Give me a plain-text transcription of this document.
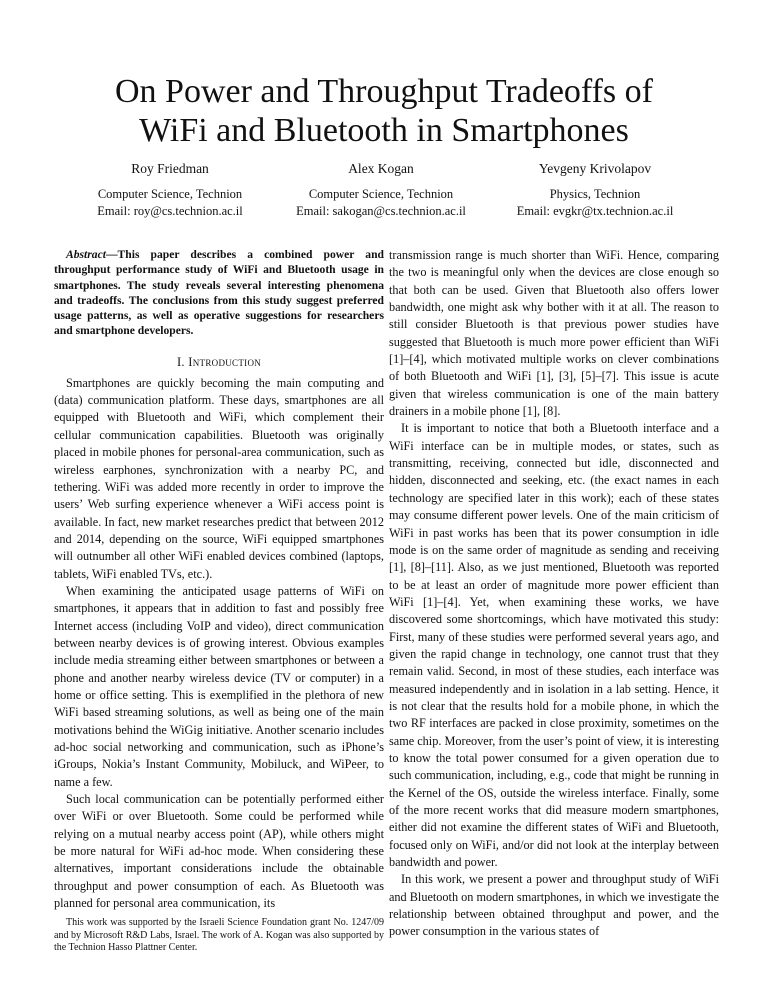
On Power and Throughput Tradeoffs of
WiFi and Bluetooth in Smartphones
Roy Friedman
Computer Science, Technion
Email: roy@cs.technion.ac.il
Alex Kogan
Computer Science, Technion
Email: sakogan@cs.technion.ac.il
Yevgeny Krivolapov
Physics, Technion
Email: evgkr@tx.technion.ac.il

Abstract—This paper describes a combined power and throughput performance study of WiFi and Bluetooth usage in smartphones. The study reveals several interesting phenomena and tradeoffs. The conclusions from this study suggest preferred usage patterns, as well as operative suggestions for researchers and smartphone developers.

I. Introduction

Smartphones are quickly becoming the main computing and (data) communication platform. These days, smartphones are all equipped with Bluetooth and WiFi, which complement their cellular communication capabilities. Bluetooth was originally placed in mobile phones for personal-area communication, such as wireless earphones, synchronization with a nearby PC, and tethering. WiFi was added more recently in order to improve the users’ Web surfing experience whenever a WiFi access point is available. In fact, new market researches predict that between 2012 and 2014, depending on the source, WiFi equipped smartphones will outnumber all other WiFi enabled devices combined (laptops, tablets, WiFi enabled TVs, etc.).

When examining the anticipated usage patterns of WiFi on smartphones, it appears that in addition to fast and possibly free Internet access (including VoIP and video), direct communication between nearby devices is of growing interest. Obvious examples include media streaming either between smartphones or between a phone and another nearby wireless device (TV or computer) in a home or office setting. This is exemplified in the plethora of new WiFi based streaming solutions, as well as being one of the main motivations behind the WiGig initiative. Another scenario includes ad-hoc social networking and communication, such as iPhone’s iGroups, Nokia’s Instant Community, Mobiluck, and WiPeer, to name a few.

Such local communication can be potentially performed either over WiFi or over Bluetooth. Some could be performed while relying on a mutual nearby access point (AP), while others might be more natural for WiFi ad-hoc mode. When considering these alternatives, important considerations include the obtainable throughput and power consumption of each. As Bluetooth was planned for personal area communication, its

This work was supported by the Israeli Science Foundation grant No. 1247/09 and by Microsoft R&D Labs, Israel. The work of A. Kogan was also supported by the Technion Hasso Plattner Center.

transmission range is much shorter than WiFi. Hence, comparing the two is meaningful only when the devices are close enough so that both can be used. Given that Bluetooth also offers lower bandwidth, one might ask why bother with it at all. The reason to still consider Bluetooth is that previous power studies have suggested that Bluetooth is much more power efficient than WiFi [1]–[4], which motivated multiple works on clever combinations of both Bluetooth and WiFi [1], [3], [5]–[7]. This issue is acute given that wireless communication is one of the main battery drainers in a mobile phone [1], [8].

It is important to notice that both a Bluetooth interface and a WiFi interface can be in multiple modes, or states, such as transmitting, receiving, connected but idle, disconnected and hidden, disconnected and seeking, etc. (the exact names in each technology are specified later in this work); each of these states may consume different power levels. One of the main criticism of WiFi in past works has been that its power consumption in idle mode is on the same order of magnitude as sending and receiving [1], [8]–[11]. Also, as we just mentioned, Bluetooth was reported to be at least an order of magnitude more power efficient than WiFi [1]–[4]. Yet, when examining these works, we have discovered some shortcomings, which have motivated this study: First, many of these studies were performed several years ago, and given the rapid change in technology, one cannot trust that they remain valid. Second, in most of these studies, each interface was measured independently and in isolation in a lab setting. Hence, it is not clear that the results hold for a mobile phone, in which the two RF interfaces are packed in close proximity, sometimes on the same chip. Moreover, from the user’s point of view, it is interesting to know the total power consumed for a given operation due to such communication, including, e.g., code that might be running in the Kernel of the OS, outside the wireless interface. Finally, some of the more recent works that did measure modern smartphones, either did not examine the different states of WiFi and Bluetooth, focused only on WiFi, and/or did not look at the interplay between bandwidth and power.

In this work, we present a power and throughput study of WiFi and Bluetooth on modern smartphones, in which we investigate the relationship between obtained throughput and power, and the power consumption in the various states of
